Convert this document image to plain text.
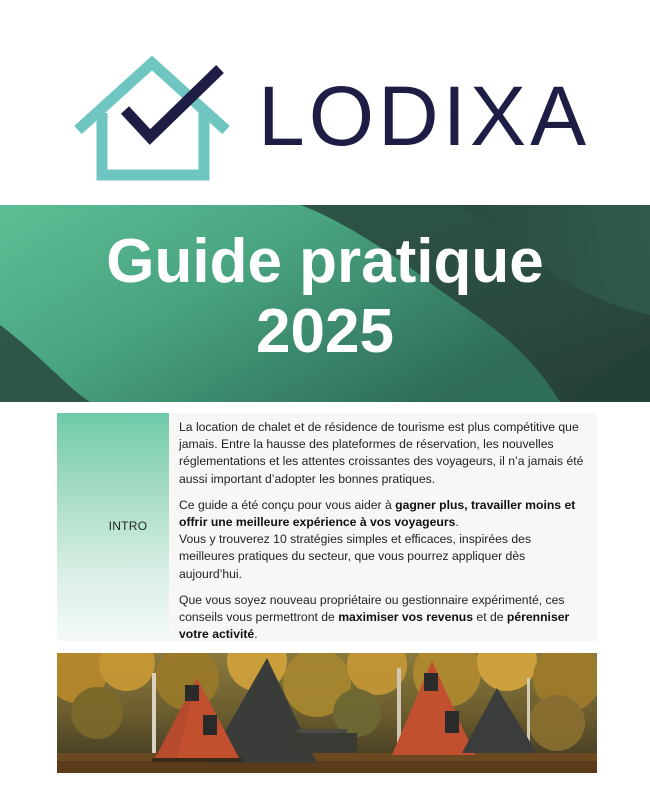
LODIXA
Guide pratique
2025
INTRO

La location de chalet et de résidence de tourisme est plus compétitive que jamais. Entre la hausse des plateformes de réservation, les nouvelles réglementations et les attentes croissantes des voyageurs, il n’a jamais été aussi important d’adopter les bonnes pratiques.

Ce guide a été conçu pour vous aider à gagner plus, travailler moins et offrir une meilleure expérience à vos voyageurs.
Vous y trouverez 10 stratégies simples et efficaces, inspirées des meilleures pratiques du secteur, que vous pourrez appliquer dès aujourd’hui.

Que vous soyez nouveau propriétaire ou gestionnaire expérimenté, ces conseils vous permettront de maximiser vos revenus et de pérenniser votre activité.
